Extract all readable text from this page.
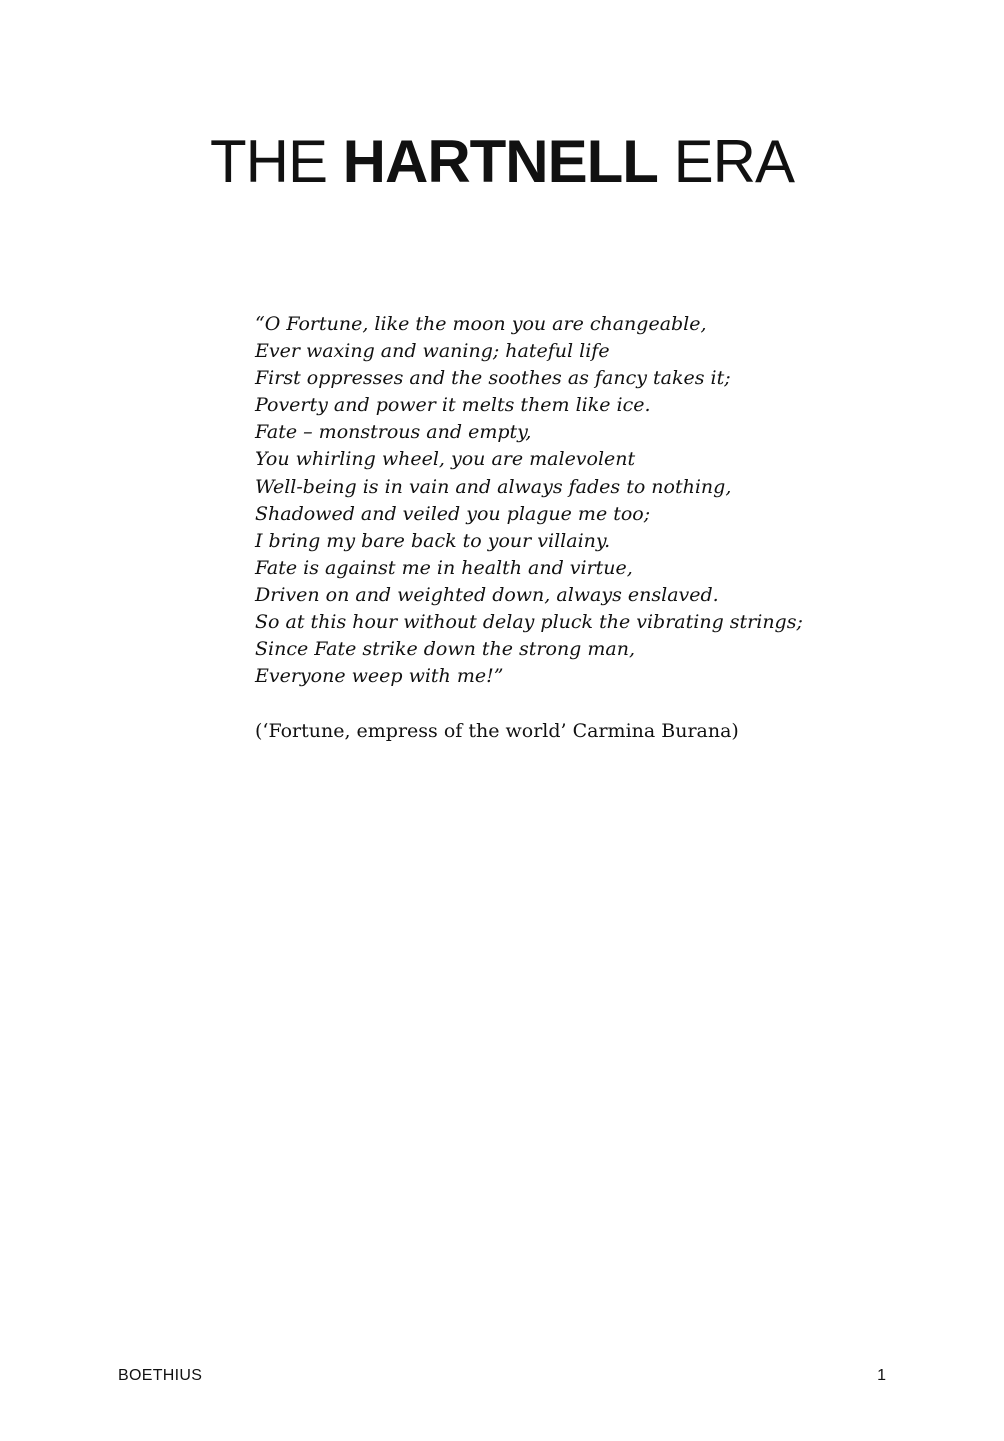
THE HARTNELL ERA
“O Fortune, like the moon you are changeable,
Ever waxing and waning; hateful life
First oppresses and the soothes as fancy takes it;
Poverty and power it melts them like ice.
Fate – monstrous and empty,
You whirling wheel, you are malevolent
Well-being is in vain and always fades to nothing,
Shadowed and veiled you plague me too;
I bring my bare back to your villainy.
Fate is against me in health and virtue,
Driven on and weighted down, always enslaved.
So at this hour without delay pluck the vibrating strings;
Since Fate strike down the strong man,
Everyone weep with me!”
(‘Fortune, empress of the world’ Carmina Burana)
BOETHIUS	1
